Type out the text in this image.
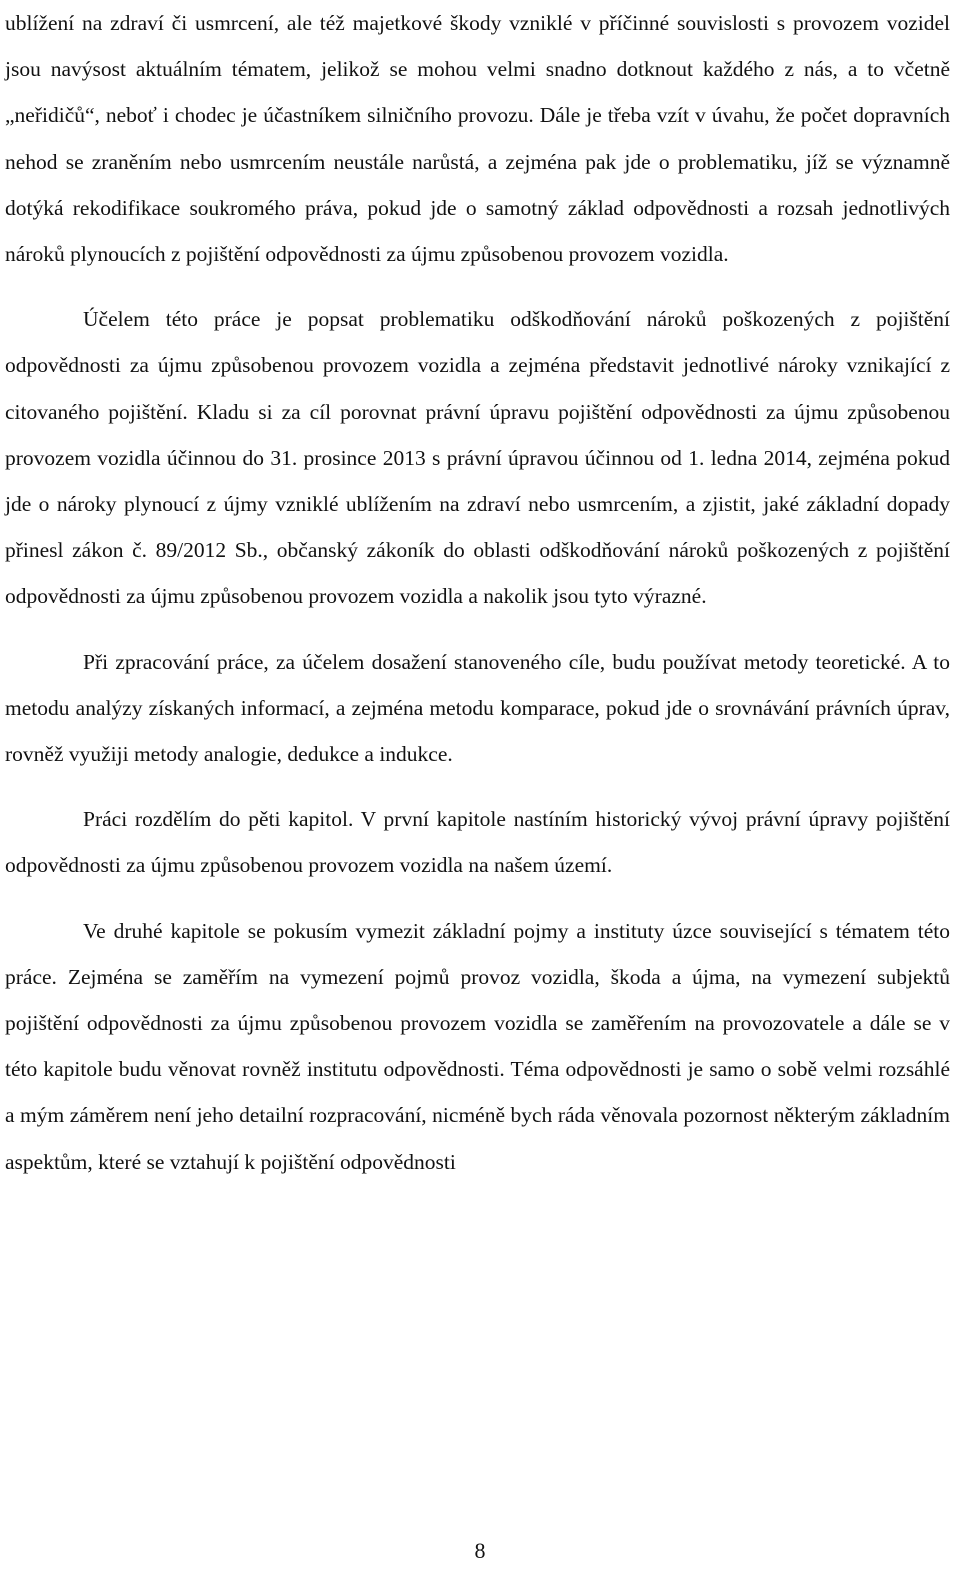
ublížení na zdraví či usmrcení, ale též majetkové škody vzniklé v příčinné souvislosti s provozem vozidel jsou navýsost aktuálním tématem, jelikož se mohou velmi snadno dotknout každého z nás, a to včetně „neřidičů“, neboť i chodec je účastníkem silničního provozu. Dále je třeba vzít v úvahu, že počet dopravních nehod se zraněním nebo usmrcením neustále narůstá, a zejména pak jde o problematiku, jíž se významně dotýká rekodifikace soukromého práva, pokud jde o samotný základ odpovědnosti a rozsah jednotlivých nároků plynoucích z pojištění odpovědnosti za újmu způsobenou provozem vozidla.

Účelem této práce je popsat problematiku odškodňování nároků poškozených z pojištění odpovědnosti za újmu způsobenou provozem vozidla a zejména představit jednotlivé nároky vznikající z citovaného pojištění. Kladu si za cíl porovnat právní úpravu pojištění odpovědnosti za újmu způsobenou provozem vozidla účinnou do 31. prosince 2013 s právní úpravou účinnou od 1. ledna 2014, zejména pokud jde o nároky plynoucí z újmy vzniklé ublížením na zdraví nebo usmrcením, a zjistit, jaké základní dopady přinesl zákon č. 89/2012 Sb., občanský zákoník do oblasti odškodňování nároků poškozených z pojištění odpovědnosti za újmu způsobenou provozem vozidla a nakolik jsou tyto výrazné.

Při zpracování práce, za účelem dosažení stanoveného cíle, budu používat metody teoretické. A to metodu analýzy získaných informací, a zejména metodu komparace, pokud jde o srovnávání právních úprav, rovněž využiji metody analogie, dedukce a indukce.

Práci rozdělím do pěti kapitol. V první kapitole nastíním historický vývoj právní úpravy pojištění odpovědnosti za újmu způsobenou provozem vozidla na našem území.

Ve druhé kapitole se pokusím vymezit základní pojmy a instituty úzce související s tématem této práce. Zejména se zaměřím na vymezení pojmů provoz vozidla, škoda a újma, na vymezení subjektů pojištění odpovědnosti za újmu způsobenou provozem vozidla se zaměřením na provozovatele a dále se v této kapitole budu věnovat rovněž institutu odpovědnosti. Téma odpovědnosti je samo o sobě velmi rozsáhlé a mým záměrem není jeho detailní rozpracování, nicméně bych ráda věnovala pozornost některým základním aspektům, které se vztahují k pojištění odpovědnosti

8
